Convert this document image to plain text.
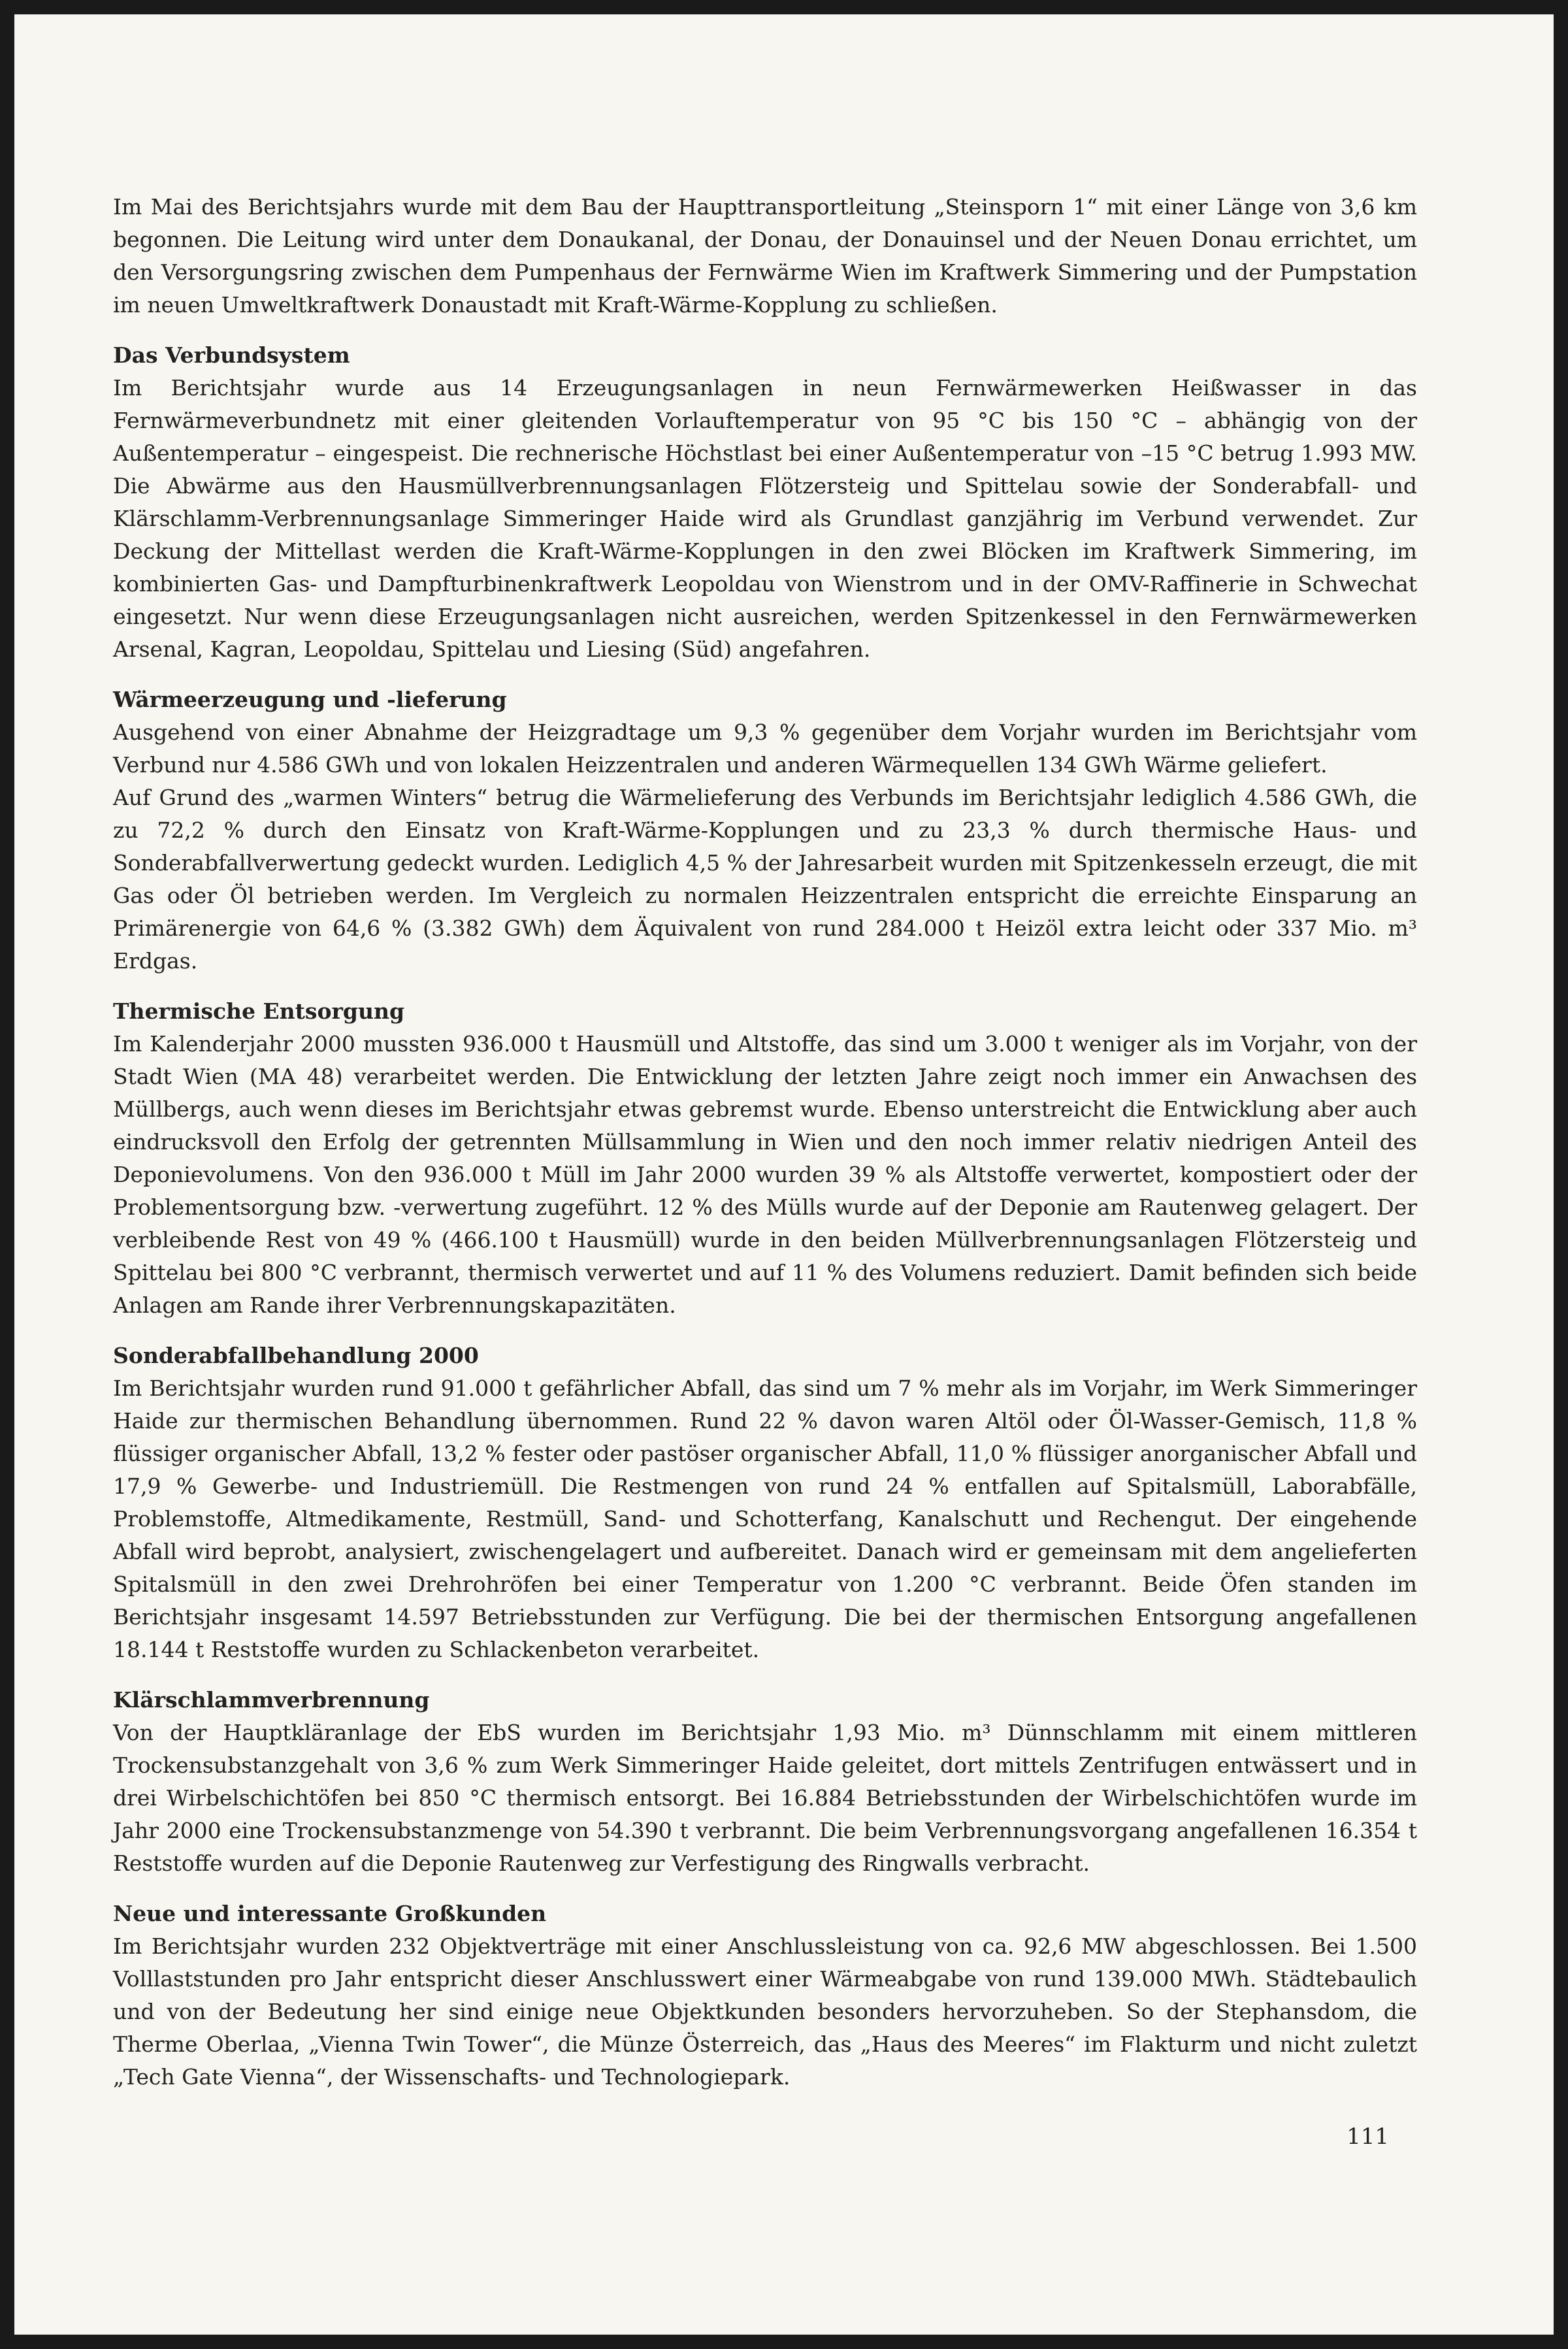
Im Mai des Berichtsjahrs wurde mit dem Bau der Haupttransportleitung „Steinsporn 1“ mit einer Länge von 3,6 km begonnen. Die Leitung wird unter dem Donaukanal, der Donau, der Donauinsel und der Neuen Donau errichtet, um den Versorgungsring zwischen dem Pumpenhaus der Fernwärme Wien im Kraftwerk Simmering und der Pumpstation im neuen Umweltkraftwerk Donaustadt mit Kraft-Wärme-Kopplung zu schließen.

Das Verbundsystem

Im Berichtsjahr wurde aus 14 Erzeugungsanlagen in neun Fernwärmewerken Heißwasser in das Fernwärmeverbundnetz mit einer gleitenden Vorlauftemperatur von 95 °C bis 150 °C – abhängig von der Außentemperatur – eingespeist. Die rechnerische Höchstlast bei einer Außentemperatur von –15 °C betrug 1.993 MW. Die Abwärme aus den Hausmüllverbrennungsanlagen Flötzersteig und Spittelau sowie der Sonderabfall- und Klärschlamm-Verbrennungsanlage Simmeringer Haide wird als Grundlast ganzjährig im Verbund verwendet. Zur Deckung der Mittellast werden die Kraft-Wärme-Kopplungen in den zwei Blöcken im Kraftwerk Simmering, im kombinierten Gas- und Dampfturbinenkraftwerk Leopoldau von Wienstrom und in der OMV-Raffinerie in Schwechat eingesetzt. Nur wenn diese Erzeugungsanlagen nicht ausreichen, werden Spitzenkessel in den Fernwärmewerken Arsenal, Kagran, Leopoldau, Spittelau und Liesing (Süd) angefahren.

Wärmeerzeugung und -lieferung

Ausgehend von einer Abnahme der Heizgradtage um 9,3 % gegenüber dem Vorjahr wurden im Berichtsjahr vom Verbund nur 4.586 GWh und von lokalen Heizzentralen und anderen Wärmequellen 134 GWh Wärme geliefert.

Auf Grund des „warmen Winters“ betrug die Wärmelieferung des Verbunds im Berichtsjahr lediglich 4.586 GWh, die zu 72,2 % durch den Einsatz von Kraft-Wärme-Kopplungen und zu 23,3 % durch thermische Haus- und Sonderabfallverwertung gedeckt wurden. Lediglich 4,5 % der Jahresarbeit wurden mit Spitzenkesseln erzeugt, die mit Gas oder Öl betrieben werden. Im Vergleich zu normalen Heizzentralen entspricht die erreichte Einsparung an Primärenergie von 64,6 % (3.382 GWh) dem Äquivalent von rund 284.000 t Heizöl extra leicht oder 337 Mio. m³ Erdgas.

Thermische Entsorgung

Im Kalenderjahr 2000 mussten 936.000 t Hausmüll und Altstoffe, das sind um 3.000 t weniger als im Vorjahr, von der Stadt Wien (MA 48) verarbeitet werden. Die Entwicklung der letzten Jahre zeigt noch immer ein Anwachsen des Müllbergs, auch wenn dieses im Berichtsjahr etwas gebremst wurde. Ebenso unterstreicht die Entwicklung aber auch eindrucksvoll den Erfolg der getrennten Müllsammlung in Wien und den noch immer relativ niedrigen Anteil des Deponievolumens. Von den 936.000 t Müll im Jahr 2000 wurden 39 % als Altstoffe verwertet, kompostiert oder der Problementsorgung bzw. -verwertung zugeführt. 12 % des Mülls wurde auf der Deponie am Rautenweg gelagert. Der verbleibende Rest von 49 % (466.100 t Hausmüll) wurde in den beiden Müllverbrennungsanlagen Flötzersteig und Spittelau bei 800 °C verbrannt, thermisch verwertet und auf 11 % des Volumens reduziert. Damit befinden sich beide Anlagen am Rande ihrer Verbrennungskapazitäten.

Sonderabfallbehandlung 2000

Im Berichtsjahr wurden rund 91.000 t gefährlicher Abfall, das sind um 7 % mehr als im Vorjahr, im Werk Simmeringer Haide zur thermischen Behandlung übernommen. Rund 22 % davon waren Altöl oder Öl-Wasser-Gemisch, 11,8 % flüssiger organischer Abfall, 13,2 % fester oder pastöser organischer Abfall, 11,0 % flüssiger anorganischer Abfall und 17,9 % Gewerbe- und Industriemüll. Die Restmengen von rund 24 % entfallen auf Spitalsmüll, Laborabfälle, Problemstoffe, Altmedikamente, Restmüll, Sand- und Schotterfang, Kanalschutt und Rechengut. Der eingehende Abfall wird beprobt, analysiert, zwischengelagert und aufbereitet. Danach wird er gemeinsam mit dem angelieferten Spitalsmüll in den zwei Drehrohröfen bei einer Temperatur von 1.200 °C verbrannt. Beide Öfen standen im Berichtsjahr insgesamt 14.597 Betriebsstunden zur Verfügung. Die bei der thermischen Entsorgung angefallenen 18.144 t Reststoffe wurden zu Schlackenbeton verarbeitet.

Klärschlammverbrennung

Von der Hauptkläranlage der EbS wurden im Berichtsjahr 1,93 Mio. m³ Dünnschlamm mit einem mittleren Trockensubstanzgehalt von 3,6 % zum Werk Simmeringer Haide geleitet, dort mittels Zentrifugen entwässert und in drei Wirbelschichtöfen bei 850 °C thermisch entsorgt. Bei 16.884 Betriebsstunden der Wirbelschichtöfen wurde im Jahr 2000 eine Trockensubstanzmenge von 54.390 t verbrannt. Die beim Verbrennungsvorgang angefallenen 16.354 t Reststoffe wurden auf die Deponie Rautenweg zur Verfestigung des Ringwalls verbracht.

Neue und interessante Großkunden

Im Berichtsjahr wurden 232 Objektverträge mit einer Anschlussleistung von ca. 92,6 MW abgeschlossen. Bei 1.500 Volllaststunden pro Jahr entspricht dieser Anschlusswert einer Wärmeabgabe von rund 139.000 MWh. Städtebaulich und von der Bedeutung her sind einige neue Objektkunden besonders hervorzuheben. So der Stephansdom, die Therme Oberlaa, „Vienna Twin Tower“, die Münze Österreich, das „Haus des Meeres“ im Flakturm und nicht zuletzt „Tech Gate Vienna“, der Wissenschafts- und Technologiepark.

111
